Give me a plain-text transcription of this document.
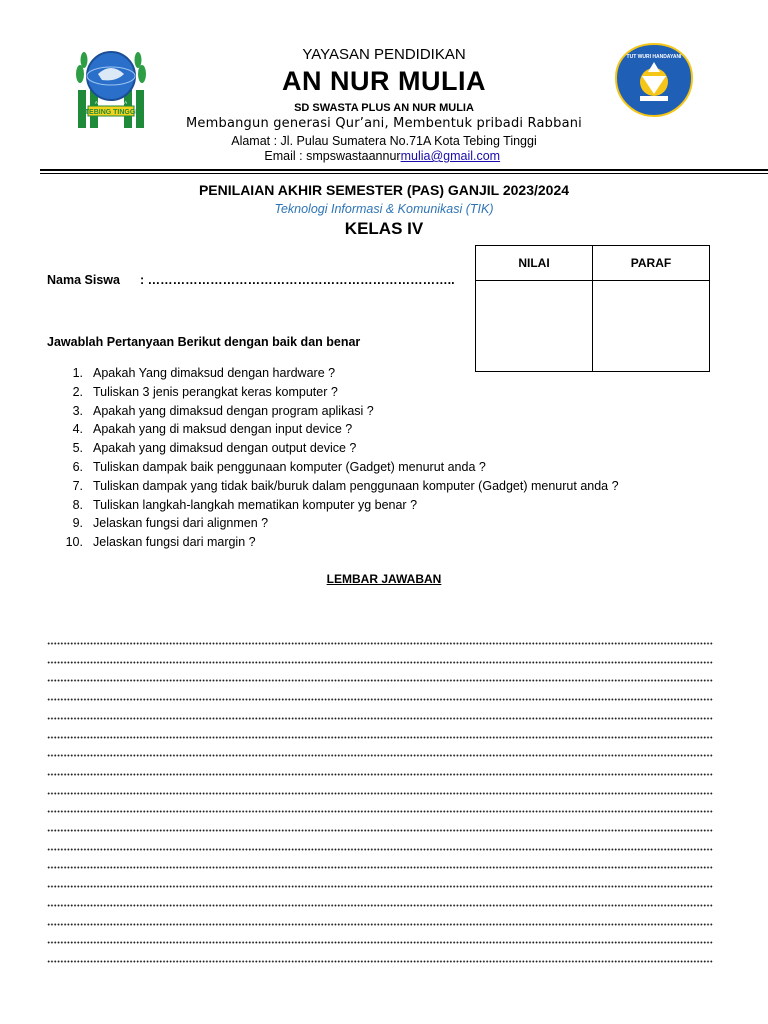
TEBING TINGGI
AN NUR MULIA
TUT WURI HANDAYANI
YAYASAN PENDIDIKAN
AN NUR MULIA
SD SWASTA PLUS AN NUR MULIA
Membangun generasi Qur’ani, Membentuk pribadi Rabbani
Alamat : Jl. Pulau Sumatera No.71A Kota Tebing Tinggi
Email : smpswastaannurmulia@gmail.com
PENILAIAN AKHIR SEMESTER (PAS) GANJIL 2023/2024
Teknologi Informasi & Komunikasi (TIK)
KELAS IV
Nama Siswa : ………………………………………………………………..
NILAI	PARAF

Jawablah Pertanyaan Berikut dengan baik dan benar
1. Apakah Yang dimaksud dengan hardware ?
2. Tuliskan 3 jenis perangkat keras komputer ?
3. Apakah yang dimaksud dengan program aplikasi ?
4. Apakah yang di maksud dengan input device ?
5. Apakah yang dimaksud dengan output device ?
6. Tuliskan dampak baik penggunaan komputer (Gadget) menurut anda ?
7. Tuliskan dampak yang tidak baik/buruk dalam penggunaan komputer (Gadget) menurut anda ?
8. Tuliskan langkah-langkah mematikan komputer yg benar ?
9. Jelaskan fungsi dari alignmen ?
10. Jelaskan fungsi dari margin ?
LEMBAR JAWABAN
